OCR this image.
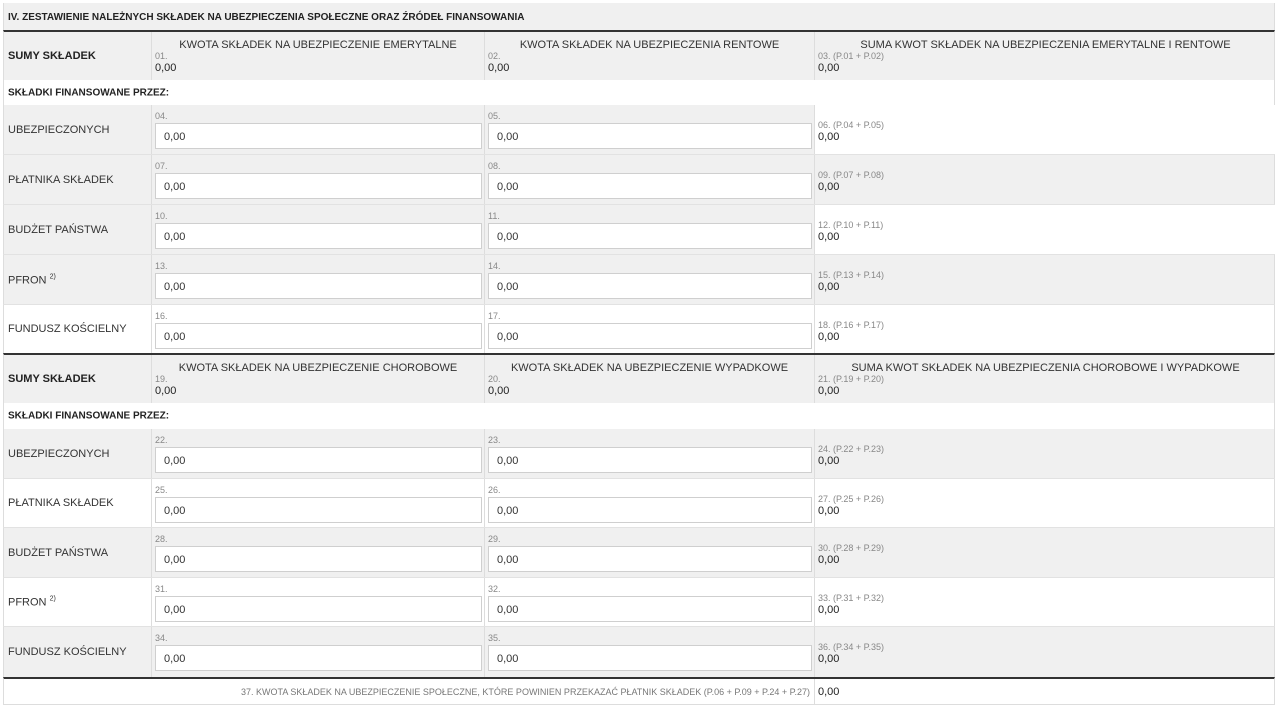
IV. ZESTAWIENIE NALEŻNYCH SKŁADEK NA UBEZPIECZENIA SPOŁECZNE ORAZ ŹRÓDEŁ FINANSOWANIA
SUMY SKŁADEK
KWOTA SKŁADEK NA UBEZPIECZENIE EMERYTALNE
01.
0,00
KWOTA SKŁADEK NA UBEZPIECZENIA RENTOWE
02.
0,00
SUMA KWOT SKŁADEK NA UBEZPIECZENIA EMERYTALNE I RENTOWE
03. (P.01 + P.02)
0,00
SKŁADKI FINANSOWANE PRZEZ:
UBEZPIECZONYCH
04.
0,00
05.
0,00
06. (P.04 + P.05)
0,00
PŁATNIKA SKŁADEK
07.
0,00
08.
0,00
09. (P.07 + P.08)
0,00
BUDŻET PAŃSTWA
10.
0,00
11.
0,00
12. (P.10 + P.11)
0,00
PFRON $^{2)}$
13.
0,00
14.
0,00
15. (P.13 + P.14)
0,00
FUNDUSZ KOŚCIELNY
16.
0,00
17.
0,00
18. (P.16 + P.17)
0,00
SUMY SKŁADEK
KWOTA SKŁADEK NA UBEZPIECZENIE CHOROBOWE
19.
0,00
KWOTA SKŁADEK NA UBEZPIECZENIE WYPADKOWE
20.
0,00
SUMA KWOT SKŁADEK NA UBEZPIECZENIA CHOROBOWE I WYPADKOWE
21. (P.19 + P.20)
0,00
SKŁADKI FINANSOWANE PRZEZ:
UBEZPIECZONYCH
22.
0,00
23.
0,00
24. (P.22 + P.23)
0,00
PŁATNIKA SKŁADEK
25.
0,00
26.
0,00
27. (P.25 + P.26)
0,00
BUDŻET PAŃSTWA
28.
0,00
29.
0,00
30. (P.28 + P.29)
0,00
PFRON $^{2)}$
31.
0,00
32.
0,00
33. (P.31 + P.32)
0,00
FUNDUSZ KOŚCIELNY
34.
0,00
35.
0,00
36. (P.34 + P.35)
0,00
37. KWOTA SKŁADEK NA UBEZPIECZENIE SPOŁECZNE, KTÓRE POWINIEN PRZEKAZAĆ PŁATNIK SKŁADEK (P.06 + P.09 + P.24 + P.27) 0,00
